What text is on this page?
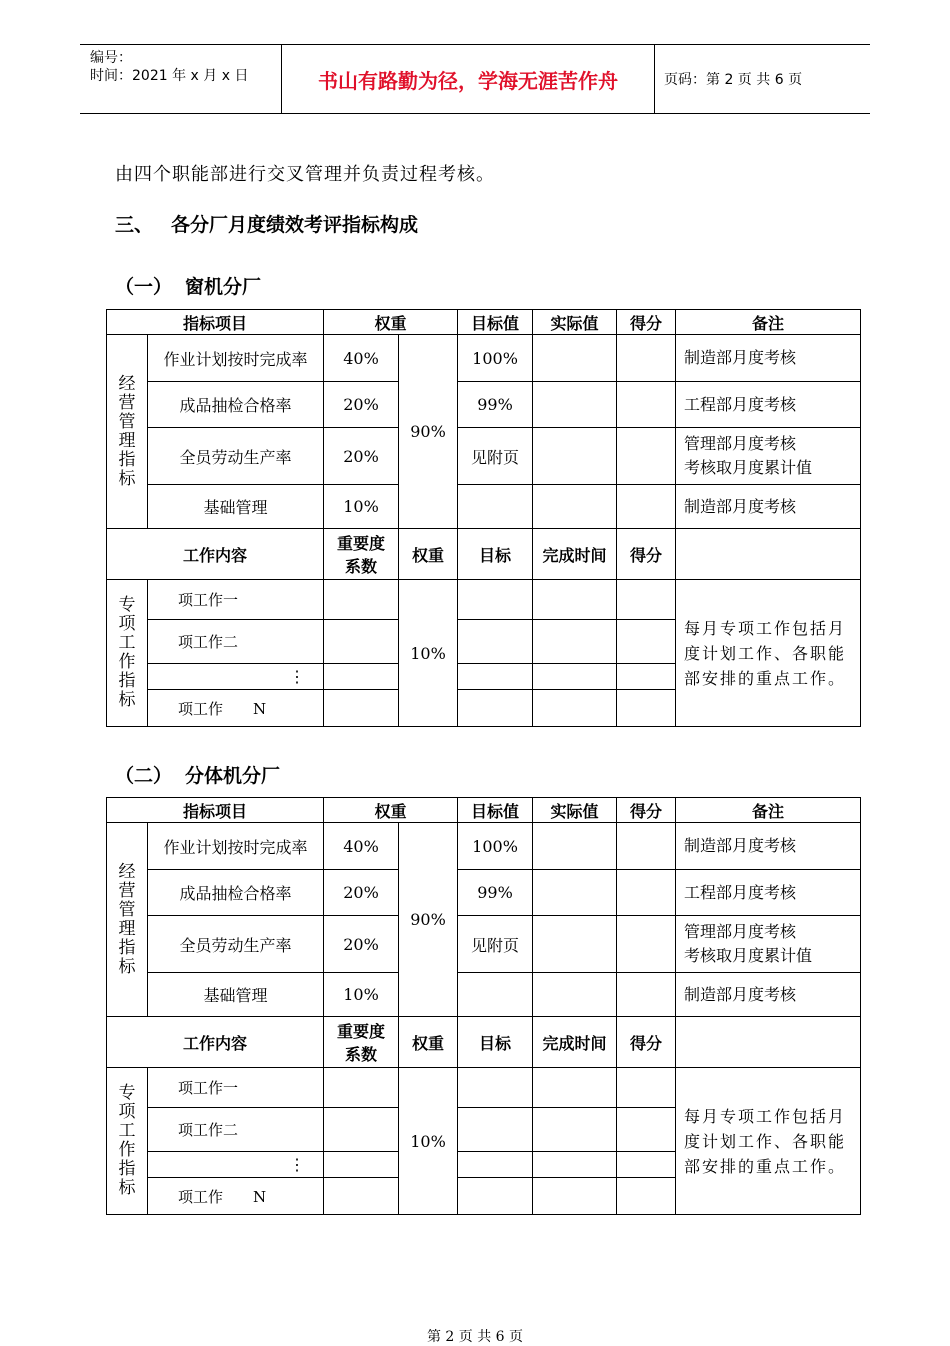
编号：
时间：2021 年 x 月 x 日	书山有路勤为径，学海无涯苦作舟	页码：第 2 页 共 6 页
由四个职能部进行交叉管理并负责过程考核。
三、 各分厂月度绩效考评指标构成
（一） 窗机分厂
指标项目		权重		目标值	实际值	得分	备注

经营管理指标	作业计划按时完成率	40%	90%	100%			制造部月度考核

	成品抽检合格率	20%		99%			工程部月度考核

	全员劳动生产率	20%		见附页			管理部月度考核
考核取月度累计值

	基础管理	10%					制造部月度考核

工作内容		重要度
系数	权重	目标	完成时间	得分	

专项工作指标	项工作一		10%				每月专项工作包括月度计划工作、各职能部安排的重点工作。
	项工作二						
	⋮						
	项工作　　N						
（二） 分体机分厂
指标项目		权重		目标值	实际值	得分	备注

经营管理指标	作业计划按时完成率	40%	90%	100%			制造部月度考核

	成品抽检合格率	20%		99%			工程部月度考核

	全员劳动生产率	20%		见附页			管理部月度考核
考核取月度累计值

	基础管理	10%					制造部月度考核

工作内容		重要度
系数	权重	目标	完成时间	得分	

专项工作指标	项工作一		10%				每月专项工作包括月度计划工作、各职能部安排的重点工作。
	项工作二						
	⋮						
	项工作　　N						
第 2 页 共 6 页
